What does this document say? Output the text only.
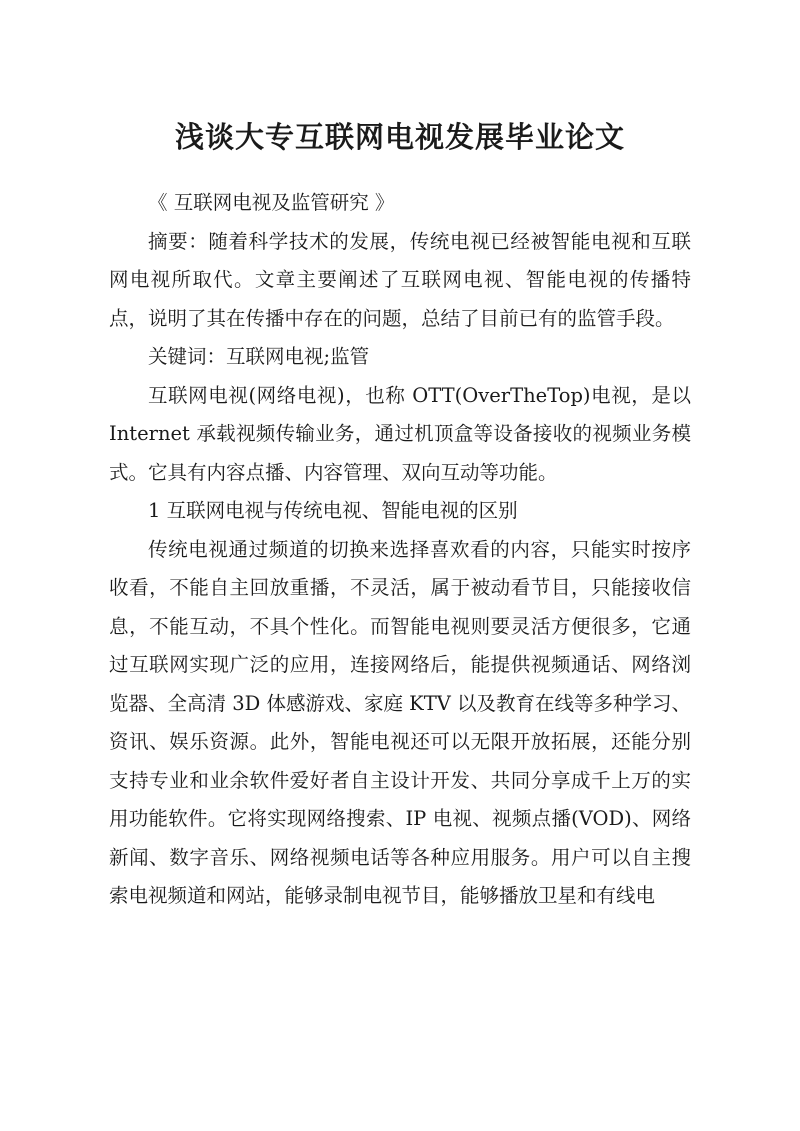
浅谈大专互联网电视发展毕业论文

《 互联网电视及监管研究 》

摘要：随着科学技术的发展，传统电视已经被智能电视和互联网电视所取代。文章主要阐述了互联网电视、智能电视的传播特点，说明了其在传播中存在的问题，总结了目前已有的监管手段。

关键词：互联网电视;监管

互联网电视(网络电视)，也称 OTT(OverTheTop)电视，是以 Internet 承载视频传输业务，通过机顶盒等设备接收的视频业务模式。它具有内容点播、内容管理、双向互动等功能。

1 互联网电视与传统电视、智能电视的区别

传统电视通过频道的切换来选择喜欢看的内容，只能实时按序收看，不能自主回放重播，不灵活，属于被动看节目，只能接收信息，不能互动，不具个性化。而智能电视则要灵活方便很多，它通过互联网实现广泛的应用，连接网络后，能提供视频通话、网络浏览器、全高清 3D 体感游戏、家庭 KTV 以及教育在线等多种学习、资讯、娱乐资源。此外，智能电视还可以无限开放拓展，还能分别支持专业和业余软件爱好者自主设计开发、共同分享成千上万的实用功能软件。它将实现网络搜索、IP 电视、视频点播(VOD)、网络新闻、数字音乐、网络视频电话等各种应用服务。用户可以自主搜索电视频道和网站，能够录制电视节目，能够播放卫星和有线电
